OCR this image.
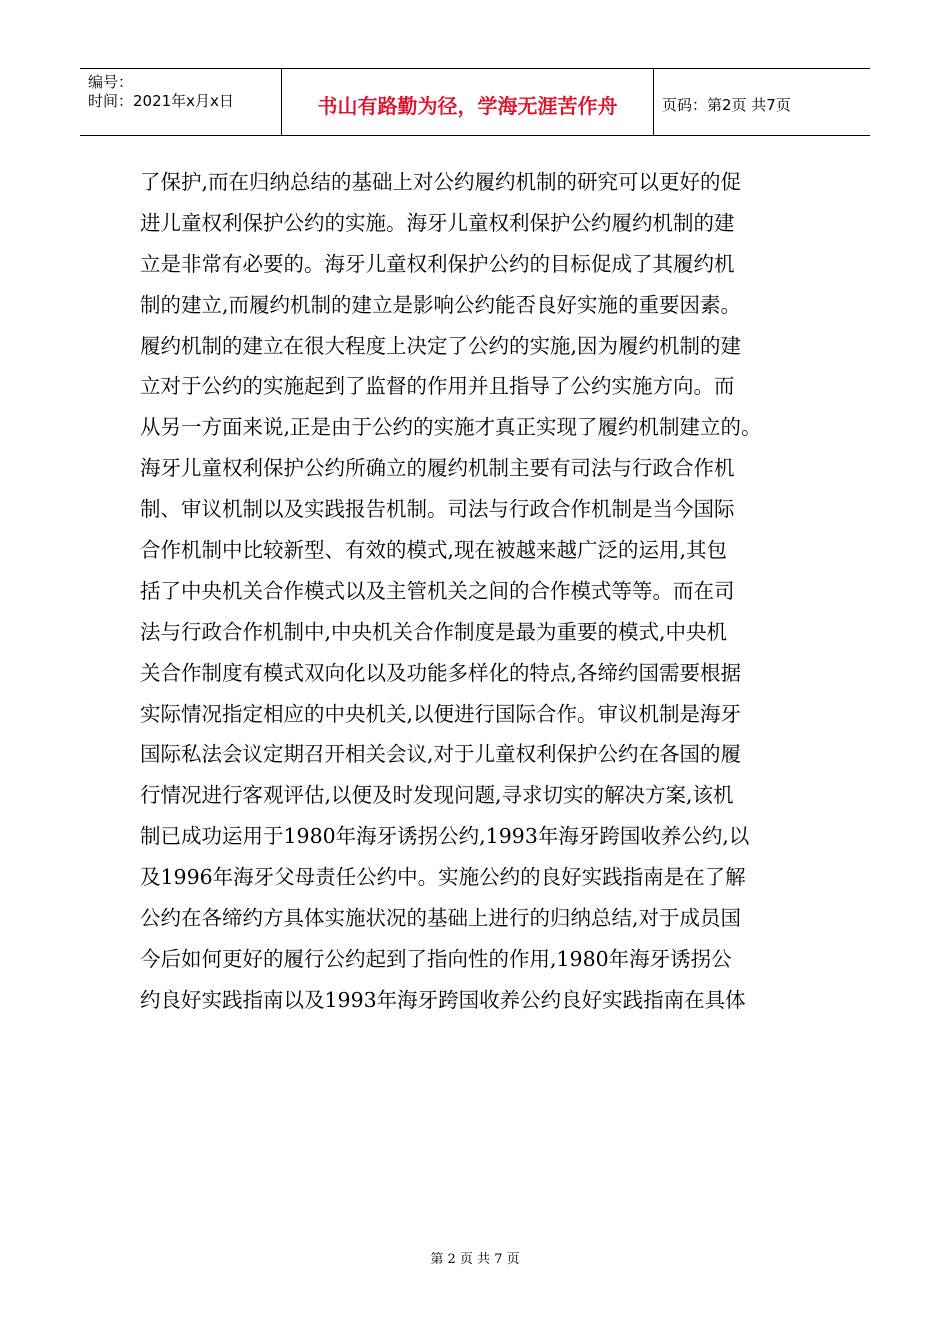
编号：
时间：2021年x月x日	书山有路勤为径，学海无涯苦作舟	页码：第2页 共7页
了保护,而在归纳总结的基础上对公约履约机制的研究可以更好的促
进儿童权利保护公约的实施。海牙儿童权利保护公约履约机制的建
立是非常有必要的。海牙儿童权利保护公约的目标促成了其履约机
制的建立,而履约机制的建立是影响公约能否良好实施的重要因素。
履约机制的建立在很大程度上决定了公约的实施,因为履约机制的建
立对于公约的实施起到了监督的作用并且指导了公约实施方向。而
从另一方面来说,正是由于公约的实施才真正实现了履约机制建立的。
海牙儿童权利保护公约所确立的履约机制主要有司法与行政合作机
制、审议机制以及实践报告机制。司法与行政合作机制是当今国际
合作机制中比较新型、有效的模式,现在被越来越广泛的运用,其包
括了中央机关合作模式以及主管机关之间的合作模式等等。而在司
法与行政合作机制中,中央机关合作制度是最为重要的模式,中央机
关合作制度有模式双向化以及功能多样化的特点,各缔约国需要根据
实际情况指定相应的中央机关,以便进行国际合作。审议机制是海牙
国际私法会议定期召开相关会议,对于儿童权利保护公约在各国的履
行情况进行客观评估,以便及时发现问题,寻求切实的解决方案,该机
制已成功运用于1980年海牙诱拐公约,1993年海牙跨国收养公约,以
及1996年海牙父母责任公约中。实施公约的良好实践指南是在了解
公约在各缔约方具体实施状况的基础上进行的归纳总结,对于成员国
今后如何更好的履行公约起到了指向性的作用,1980年海牙诱拐公
约良好实践指南以及1993年海牙跨国收养公约良好实践指南在具体
第 2 页 共 7 页
